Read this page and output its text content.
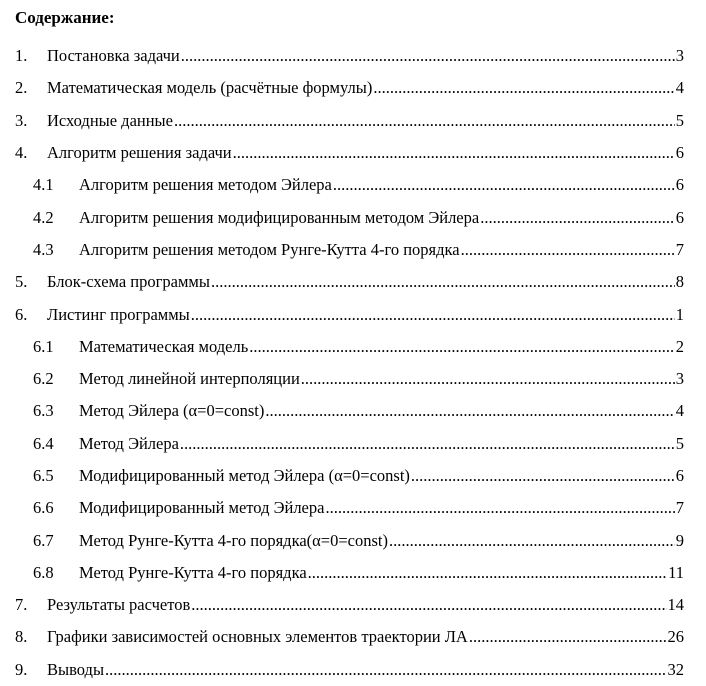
Содержание:
1. Постановка задачи .....	3
2. Математическая модель (расчётные формулы) .....	4
3. Исходные данные .....	5
4. Алгоритм решения задачи .....	6
4.1 Алгоритм решения методом Эйлера .....	6
4.2 Алгоритм решения модифицированным методом Эйлера .....	6
4.3 Алгоритм решения методом Рунге-Кутта 4-го порядка .....	7
5. Блок-схема программы .....	8
6. Листинг программы .....	1
6.1 Математическая модель .....	2
6.2 Метод линейной интерполяции .....	3
6.3 Метод Эйлера (α=0=const) .....	4
6.4 Метод Эйлера .....	5
6.5 Модифицированный метод Эйлера (α=0=const) .....	6
6.6 Модифицированный метод Эйлера .....	7
6.7 Метод Рунге-Кутта 4-го порядка(α=0=const) .....	9
6.8 Метод Рунге-Кутта 4-го порядка .....	11
7. Результаты расчетов .....	14
8. Графики зависимостей основных элементов траектории ЛА .....	26
9. Выводы .....	32
